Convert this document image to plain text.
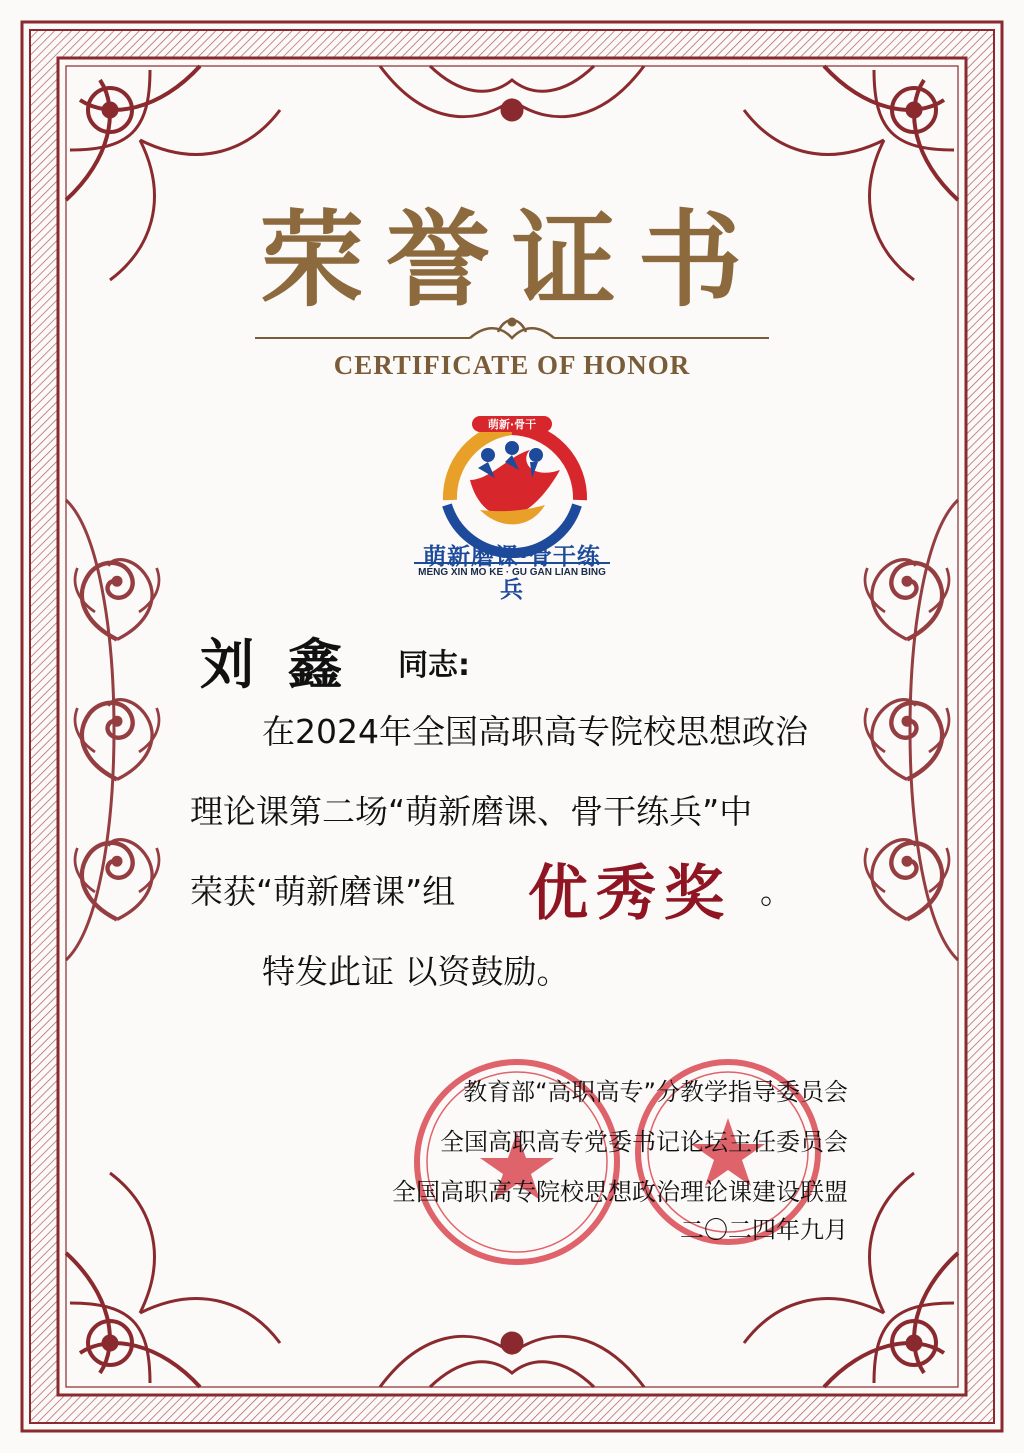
荣誉证书
CERTIFICATE OF HONOR
萌新·骨干
萌新磨课·骨干练兵
MENG XIN MO KE · GU GAN LIAN BING
刘鑫 同志:
在2024年全国高职高专院校思想政治
理论课第二场“萌新磨课、骨干练兵”中
荣获“萌新磨课”组 优秀奖 。
特发此证 以资鼓励。
教育部“高职高专”分教学指导委员会
全国高职高专党委书记论坛主任委员会
全国高职高专院校思想政治理论课建设联盟
二〇二四年九月
